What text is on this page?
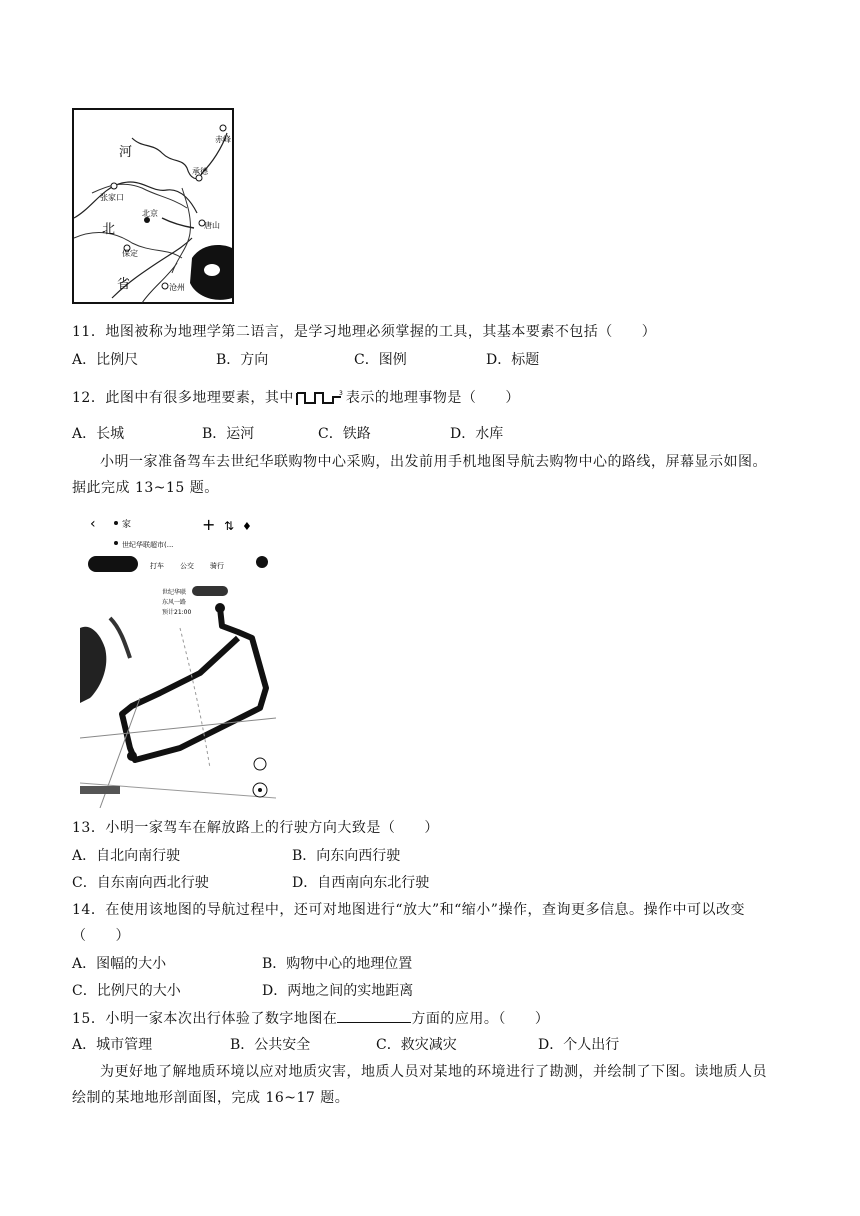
河
北
省
赤峰
承德
张家口
北京
唐山
保定
沧州
11．地图被称为地理学第二语言，是学习地理必须掌握的工具，其基本要素不包括（　　）
A．比例尺	B．方向	C．图例	D．标题
12．此图中有很多地理要素，其中	3 表示的地理事物是（　　）
A．长城	B．运河	C．铁路	D．水库
小明一家准备驾车去世纪华联购物中心采购，出发前用手机地图导航去购物中心的路线，屏幕显示如图。
据此完成 13~15 题。
‹	家	+ ⇅ ♦
世纪华联超市(...
打车 公交 骑行
世纪华联
东风一路
预计21:00
13．小明一家驾车在解放路上的行驶方向大致是（　　）
A．自北向南行驶	B．向东向西行驶
C．自东南向西北行驶	D．自西南向东北行驶
14．在使用该地图的导航过程中，还可对地图进行“放大”和“缩小”操作，查询更多信息。操作中可以改变
（　　）
A．图幅的大小	B．购物中心的地理位置
C．比例尺的大小	D．两地之间的实地距离
15．小明一家本次出行体验了数字地图在	方面的应用。（　　）
A．城市管理	B．公共安全	C．救灾减灾	D．个人出行
为更好地了解地质环境以应对地质灾害，地质人员对某地的环境进行了勘测，并绘制了下图。读地质人员
绘制的某地地形剖面图，完成 16~17 题。
